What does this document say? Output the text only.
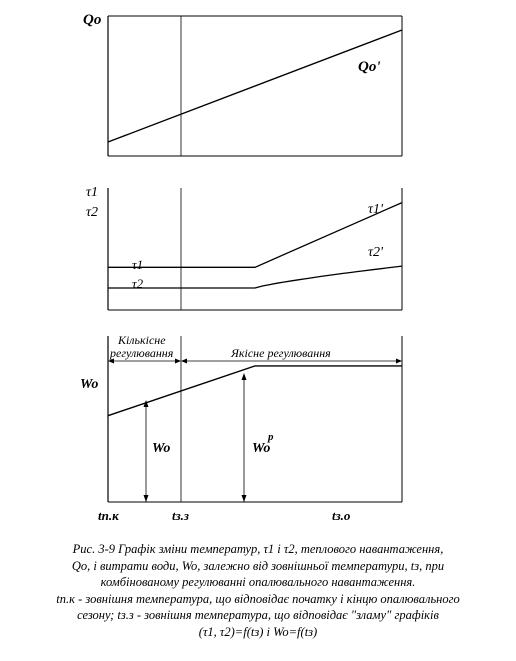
Qo
Qo'
τ1
τ2	τ1'
τ2'
τ1
τ2
Кількісне
регулювання	Якісне регулювання
Wo
Wo	Wo
p
tп.к	tз.з	tз.о

Рис. 3-9 Графік зміни температур, τ1 і τ2, теплового навантаження,

Qo, і витрати води, Wo, залежно від зовнішньої температури, tз, при

комбінованому регулюванні опалювального навантаження.

tп.к - зовнішня температура, що відповідає початку і кінцю опалювального

сезону; tз.з - зовнішня температура, що відповідає "зламу" графіків

(τ1, τ2)=f(tз) і Wo=f(tз)
